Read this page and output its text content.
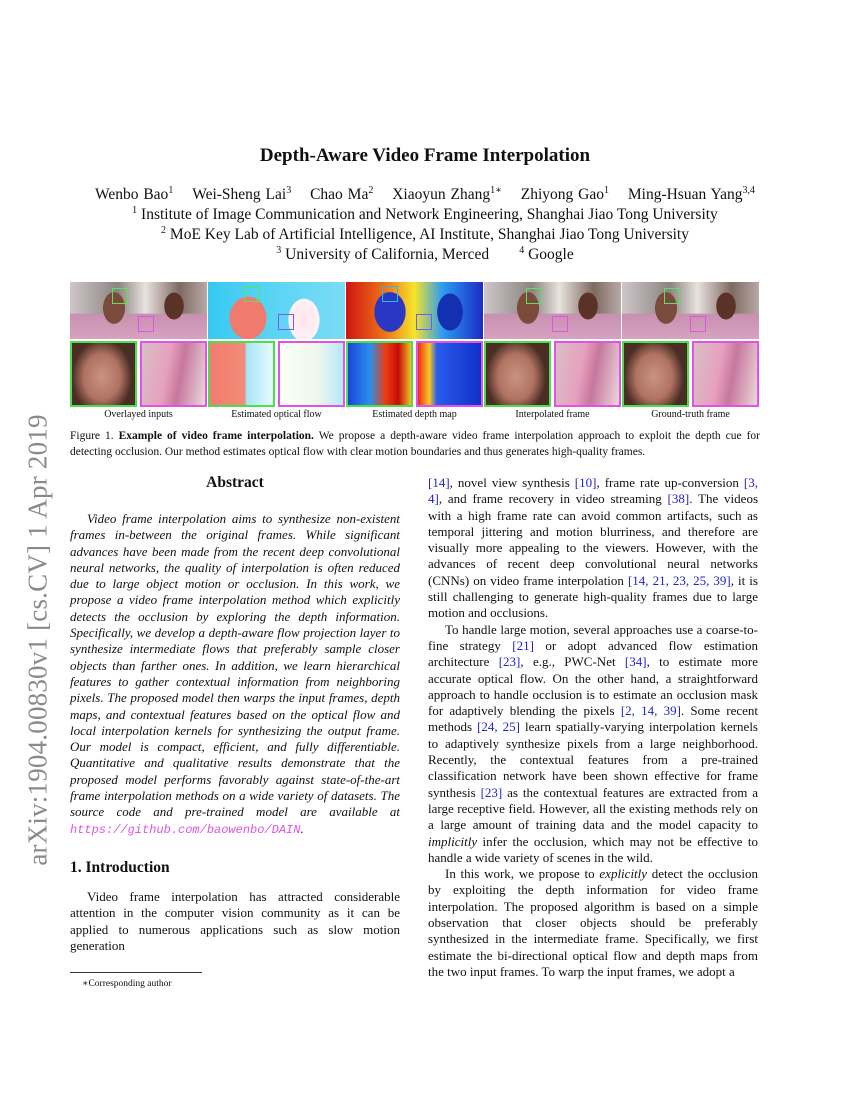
arXiv:1904.00830v1 [cs.CV] 1 Apr 2019
Depth-Aware Video Frame Interpolation
Wenbo Bao$^1$ Wei-Sheng Lai$^3$ Chao Ma$^2$ Xiaoyun Zhang$^{1∗}$ Zhiyong Gao$^1$ Ming-Hsuan Yang$^{3,4}$
$^1$ Institute of Image Communication and Network Engineering, Shanghai Jiao Tong University
$^2$ MoE Key Lab of Artificial Intelligence, AI Institute, Shanghai Jiao Tong University
$^3$ University of California, Merced	$^4$ Google
Overlayed inputs	Estimated optical flow	Estimated depth map	Interpolated frame	Ground-truth frame
Figure 1. Example of video frame interpolation. We propose a depth-aware video frame interpolation approach to exploit the depth cue for detecting occlusion. Our method estimates optical flow with clear motion boundaries and thus generates high-quality frames.
Abstract

Video frame interpolation aims to synthesize non-existent frames in-between the original frames. While significant advances have been made from the recent deep convolutional neural networks, the quality of interpolation is often reduced due to large object motion or occlusion. In this work, we propose a video frame interpolation method which explicitly detects the occlusion by exploring the depth information. Specifically, we develop a depth-aware flow projection layer to synthesize intermediate flows that preferably sample closer objects than farther ones. In addition, we learn hierarchical features to gather contextual information from neighboring pixels. The proposed model then warps the input frames, depth maps, and contextual features based on the optical flow and local interpolation kernels for synthesizing the output frame. Our model is compact, efficient, and fully differentiable. Quantitative and qualitative results demonstrate that the proposed model performs favorably against state-of-the-art frame interpolation methods on a wide variety of datasets. The source code and pre-trained model are available at https://github.com/baowenbo/DAIN.

1. Introduction

Video frame interpolation has attracted considerable attention in the computer vision community as it can be applied to numerous applications such as slow motion generation

[14], novel view synthesis [10], frame rate up-conversion [3, 4], and frame recovery in video streaming [38]. The videos with a high frame rate can avoid common artifacts, such as temporal jittering and motion blurriness, and therefore are visually more appealing to the viewers. However, with the advances of recent deep convolutional neural networks (CNNs) on video frame interpolation [14, 21, 23, 25, 39], it is still challenging to generate high-quality frames due to large motion and occlusions.

To handle large motion, several approaches use a coarse-to-fine strategy [21] or adopt advanced flow estimation architecture [23], e.g., PWC-Net [34], to estimate more accurate optical flow. On the other hand, a straightforward approach to handle occlusion is to estimate an occlusion mask for adaptively blending the pixels [2, 14, 39]. Some recent methods [24, 25] learn spatially-varying interpolation kernels to adaptively synthesize pixels from a large neighborhood. Recently, the contextual features from a pre-trained classification network have been shown effective for frame synthesis [23] as the contextual features are extracted from a large receptive field. However, all the existing methods rely on a large amount of training data and the model capacity to implicitly infer the occlusion, which may not be effective to handle a wide variety of scenes in the wild.

In this work, we propose to explicitly detect the occlusion by exploiting the depth information for video frame interpolation. The proposed algorithm is based on a simple observation that closer objects should be preferably synthesized in the intermediate frame. Specifically, we first estimate the bi-directional optical flow and depth maps from the two input frames. To warp the input frames, we adopt a

∗Corresponding author
